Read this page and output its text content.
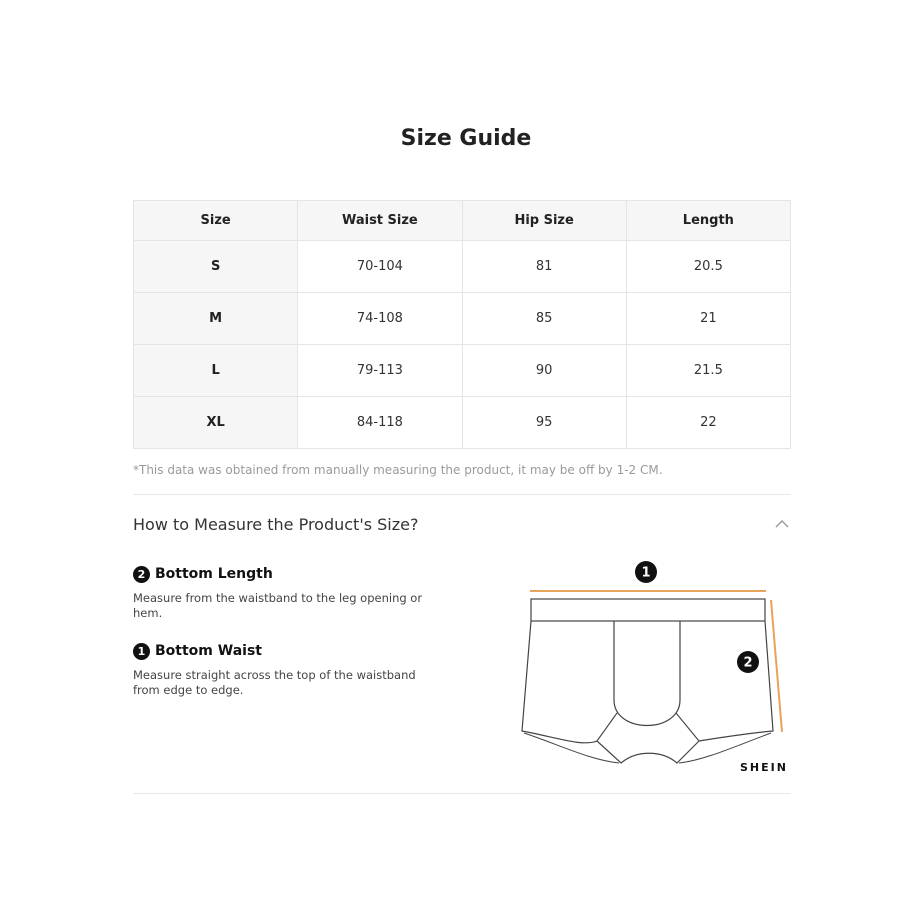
Size Guide
Size	Waist Size	Hip Size	Length
S	70-104	81	20.5
M	74-108	85	21
L	79-113	90	21.5
XL	84-118	95	22
*This data was obtained from manually measuring the product, it may be off by 1-2 CM.
How to Measure the Product's Size?
2 Bottom Length
Measure from the waistband to the leg opening or hem.
1 Bottom Waist
Measure straight across the top of the waistband from edge to edge.
1
2
SHEIN
